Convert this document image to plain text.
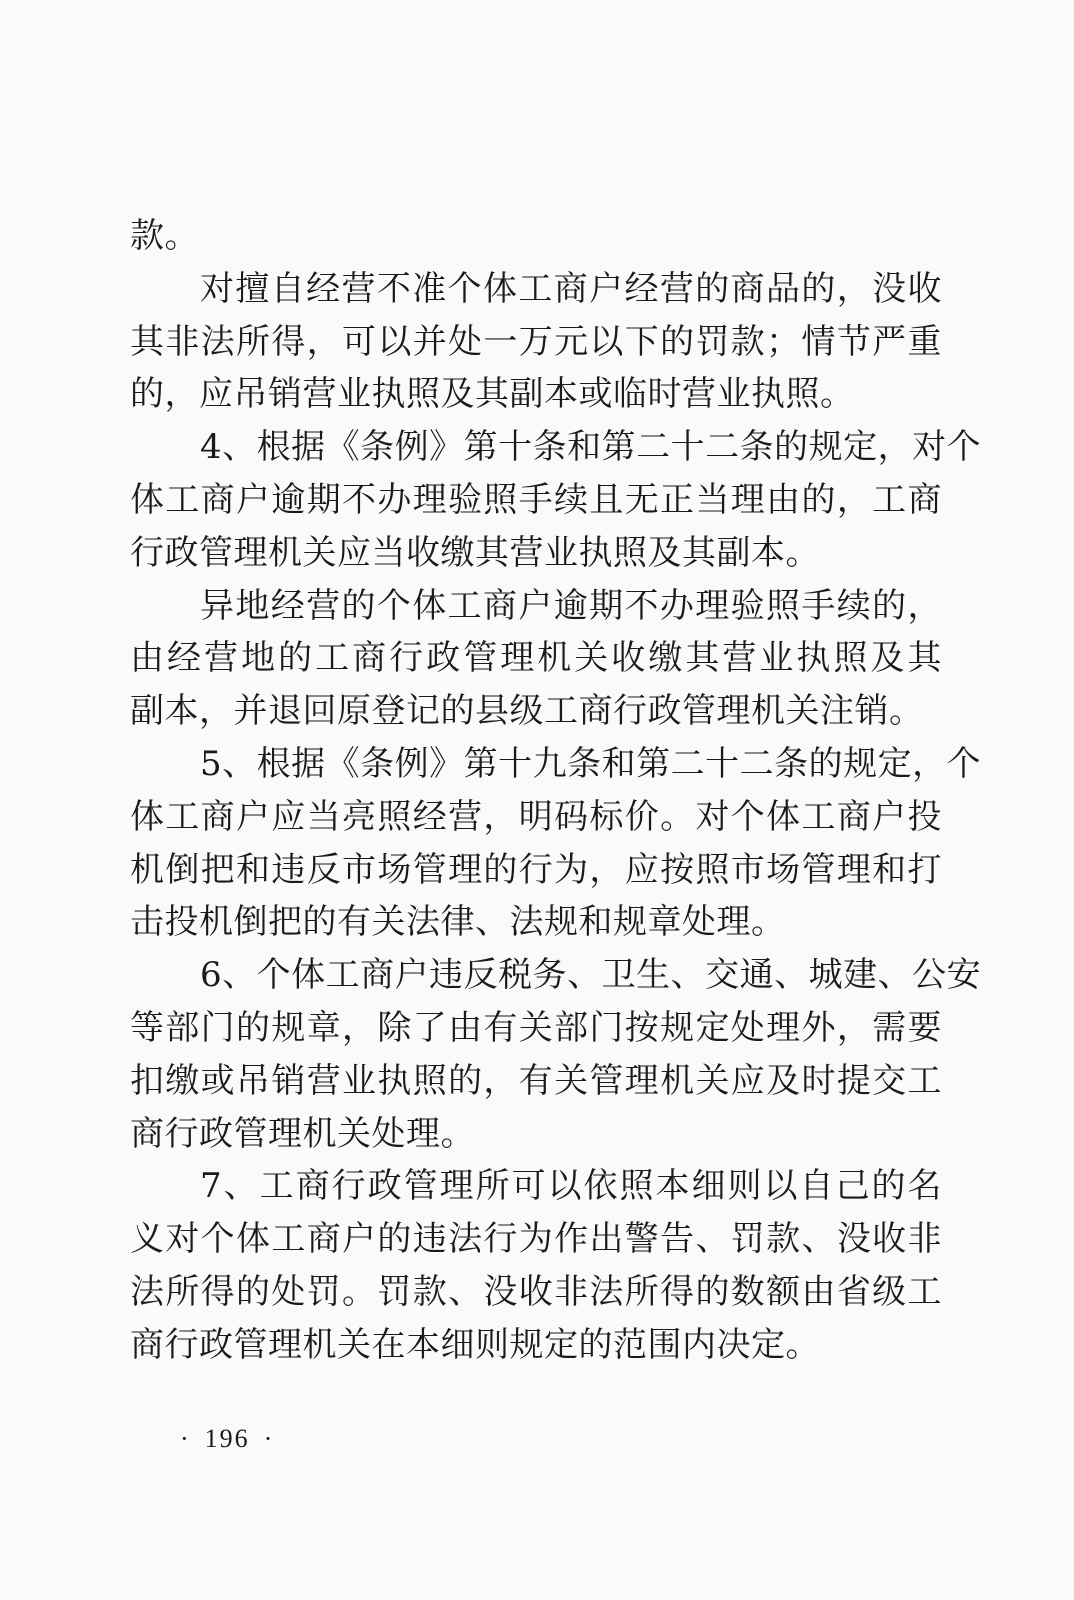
款。
对擅自经营不准个体工商户经营的商品的，没收
其非法所得，可以并处一万元以下的罚款；情节严重
的，应吊销营业执照及其副本或临时营业执照。
4、根据《条例》第十条和第二十二条的规定，对个
体工商户逾期不办理验照手续且无正当理由的，工商
行政管理机关应当收缴其营业执照及其副本。
异地经营的个体工商户逾期不办理验照手续的，
由经营地的工商行政管理机关收缴其营业执照及其
副本，并退回原登记的县级工商行政管理机关注销。
5、根据《条例》第十九条和第二十二条的规定，个
体工商户应当亮照经营，明码标价。对个体工商户投
机倒把和违反市场管理的行为，应按照市场管理和打
击投机倒把的有关法律、法规和规章处理。
6、个体工商户违反税务、卫生、交通、城建、公安
等部门的规章，除了由有关部门按规定处理外，需要
扣缴或吊销营业执照的，有关管理机关应及时提交工
商行政管理机关处理。
7、工商行政管理所可以依照本细则以自己的名
义对个体工商户的违法行为作出警告、罚款、没收非
法所得的处罚。罚款、没收非法所得的数额由省级工
商行政管理机关在本细则规定的范围内决定。
· 196 ·
